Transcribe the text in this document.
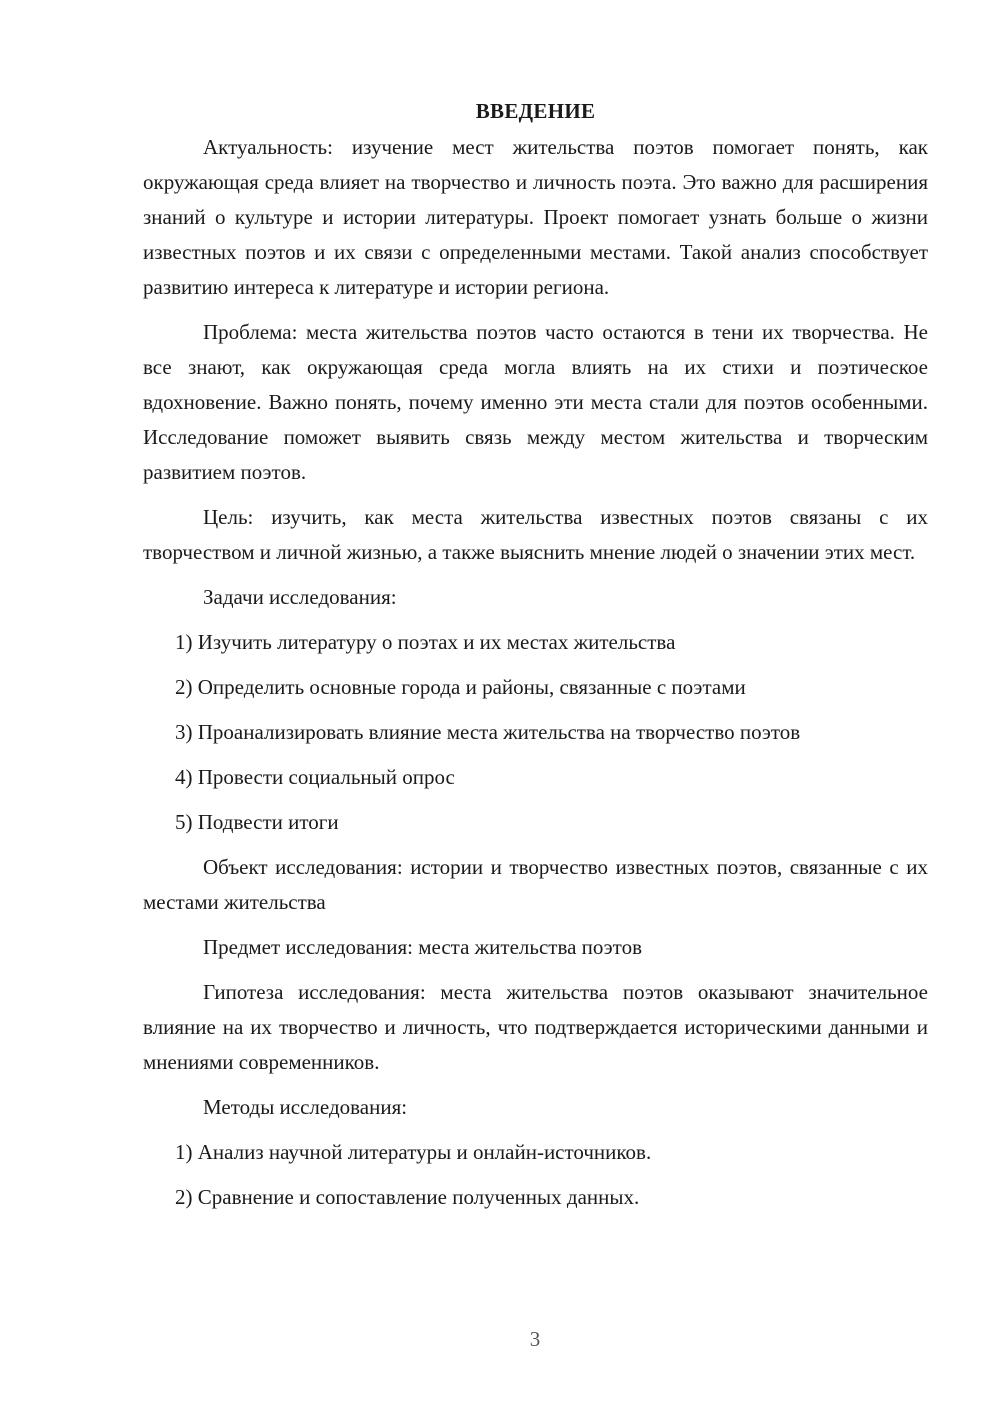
ВВЕДЕНИЕ

Актуальность: изучение мест жительства поэтов помогает понять, как окружающая среда влияет на творчество и личность поэта. Это важно для расширения знаний о культуре и истории литературы. Проект помогает узнать больше о жизни известных поэтов и их связи с определенными местами. Такой анализ способствует развитию интереса к литературе и истории региона.

Проблема: места жительства поэтов часто остаются в тени их творчества. Не все знают, как окружающая среда могла влиять на их стихи и поэтическое вдохновение. Важно понять, почему именно эти места стали для поэтов особенными. Исследование поможет выявить связь между местом жительства и творческим развитием поэтов.

Цель: изучить, как места жительства известных поэтов связаны с их творчеством и личной жизнью, а также выяснить мнение людей о значении этих мест.

Задачи исследования:
1) Изучить литературу о поэтах и их местах жительства
2) Определить основные города и районы, связанные с поэтами
3) Проанализировать влияние места жительства на творчество поэтов
4) Провести социальный опрос
5) Подвести итоги

Объект исследования: истории и творчество известных поэтов, связанные с их местами жительства

Предмет исследования: места жительства поэтов

Гипотеза исследования: места жительства поэтов оказывают значительное влияние на их творчество и личность, что подтверждается историческими данными и мнениями современников.

Методы исследования:
1) Анализ научной литературы и онлайн-источников.
2) Сравнение и сопоставление полученных данных.
3
